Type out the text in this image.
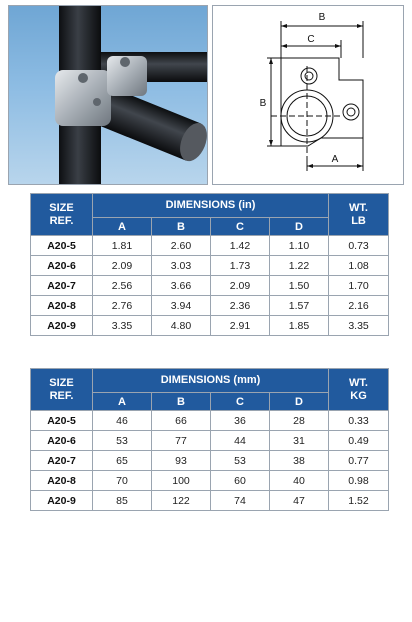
B
C
B
A
SIZE
REF.	DIMENSIONS (in)				WT.
LB
	A	B	C	D	
A20-5	1.81	2.60	1.42	1.10	0.73
A20-6	2.09	3.03	1.73	1.22	1.08
A20-7	2.56	3.66	2.09	1.50	1.70
A20-8	2.76	3.94	2.36	1.57	2.16
A20-9	3.35	4.80	2.91	1.85	3.35
SIZE
REF.	DIMENSIONS (mm)				WT.
KG
	A	B	C	D	
A20-5	46	66	36	28	0.33
A20-6	53	77	44	31	0.49
A20-7	65	93	53	38	0.77
A20-8	70	100	60	40	0.98
A20-9	85	122	74	47	1.52
